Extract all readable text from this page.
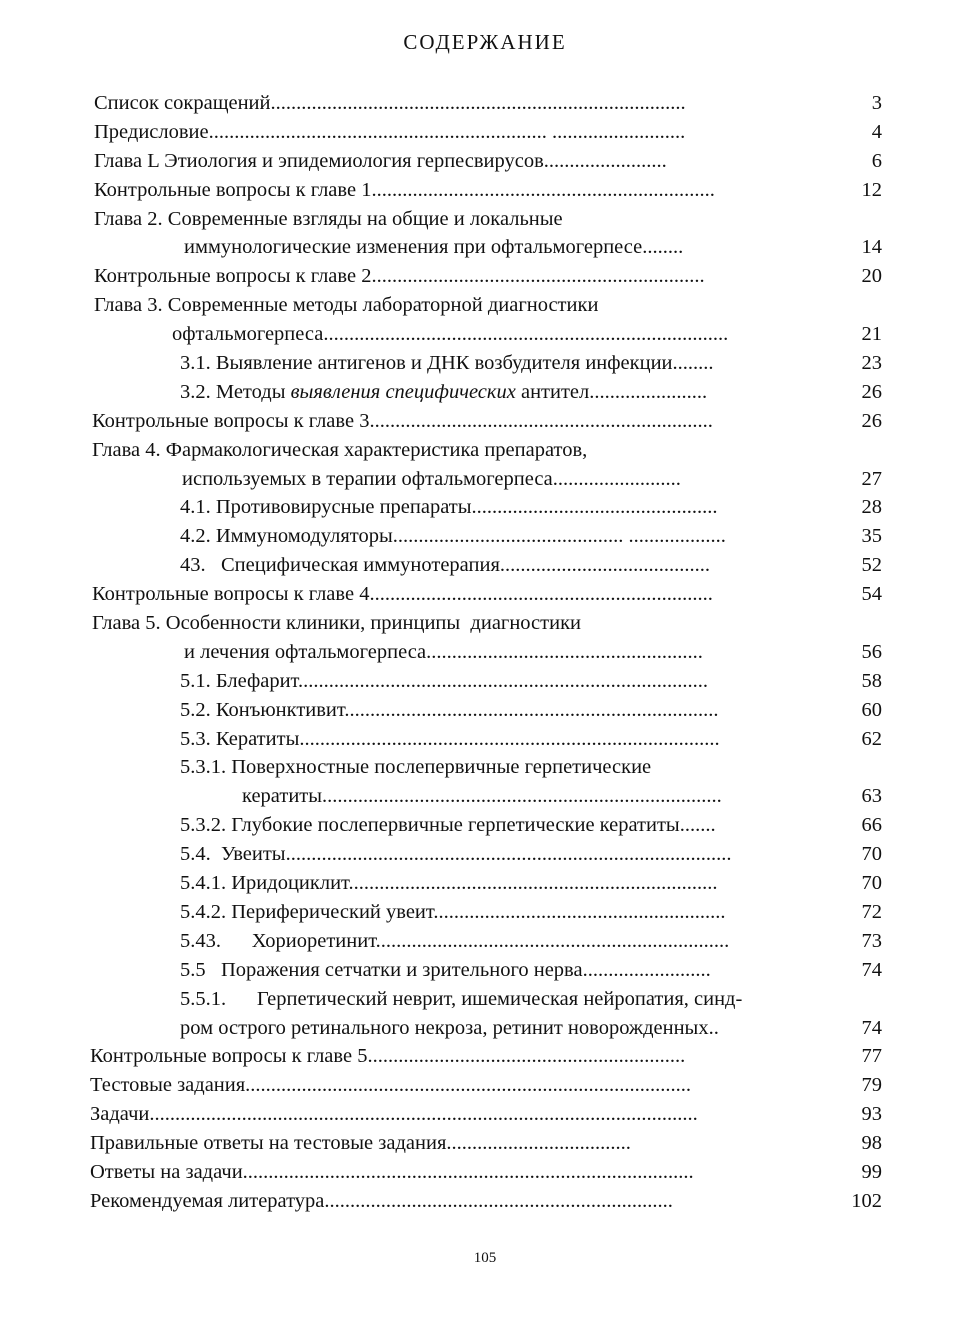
СОДЕРЖАНИЕ
Список сокращений.................................................................................	3
Предисловие.................................................................. ..........................	4
Глава L Этиология и эпидемиология герпесвирусов........................	6
Контрольные вопросы к главе 1...................................................................	12
Глава 2. Современные взгляды на общие и локальные
иммунологические изменения при офтальмогерпесе........	14
Контрольные вопросы к главе 2.................................................................	20
Глава 3. Современные методы лабораторной диагностики
офтальмогерпеса...............................................................................	21
3.1. Выявление антигенов и ДНК возбудителя инфекции........	23
3.2. Методы выявления специфических антител.......................	26
Контрольные вопросы к главе 3...................................................................	26
Глава 4. Фармакологическая характеристика препаратов,
используемых в терапии офтальмогерпеса.........................	27
4.1. Противовирусные препараты................................................	28
4.2. Иммуномодуляторы............................................. ...................	35
43.   Специфическая иммунотерапия.........................................	52
Контрольные вопросы к главе 4...................................................................	54
Глава 5. Особенности клиники, принципы  диагностики
и лечения офтальмогерпеса......................................................	56
5.1. Блефарит................................................................................	58
5.2. Конъюнктивит.........................................................................	60
5.3. Кератиты..................................................................................	62
5.3.1. Поверхностные послепервичные герпетические
кератиты..............................................................................	63
5.3.2. Глубокие послепервичные герпетические кератиты.......	66
5.4.  Увеиты.......................................................................................	70
5.4.1. Иридоциклит........................................................................	70
5.4.2. Периферический увеит.........................................................	72
5.43.      Хориоретинит.....................................................................	73
5.5   Поражения сетчатки и зрительного нерва.........................	74
5.5.1.      Герпетический неврит, ишемическая нейропатия, синд-
ром острого ретинального некроза, ретинит новорожденных..	74
Контрольные вопросы к главе 5..............................................................	77
Тестовые задания.......................................................................................	79
Задачи...........................................................................................................	93
Правильные ответы на тестовые задания....................................	98
Ответы на задачи........................................................................................	99
Рекомендуемая литература....................................................................	102
105
